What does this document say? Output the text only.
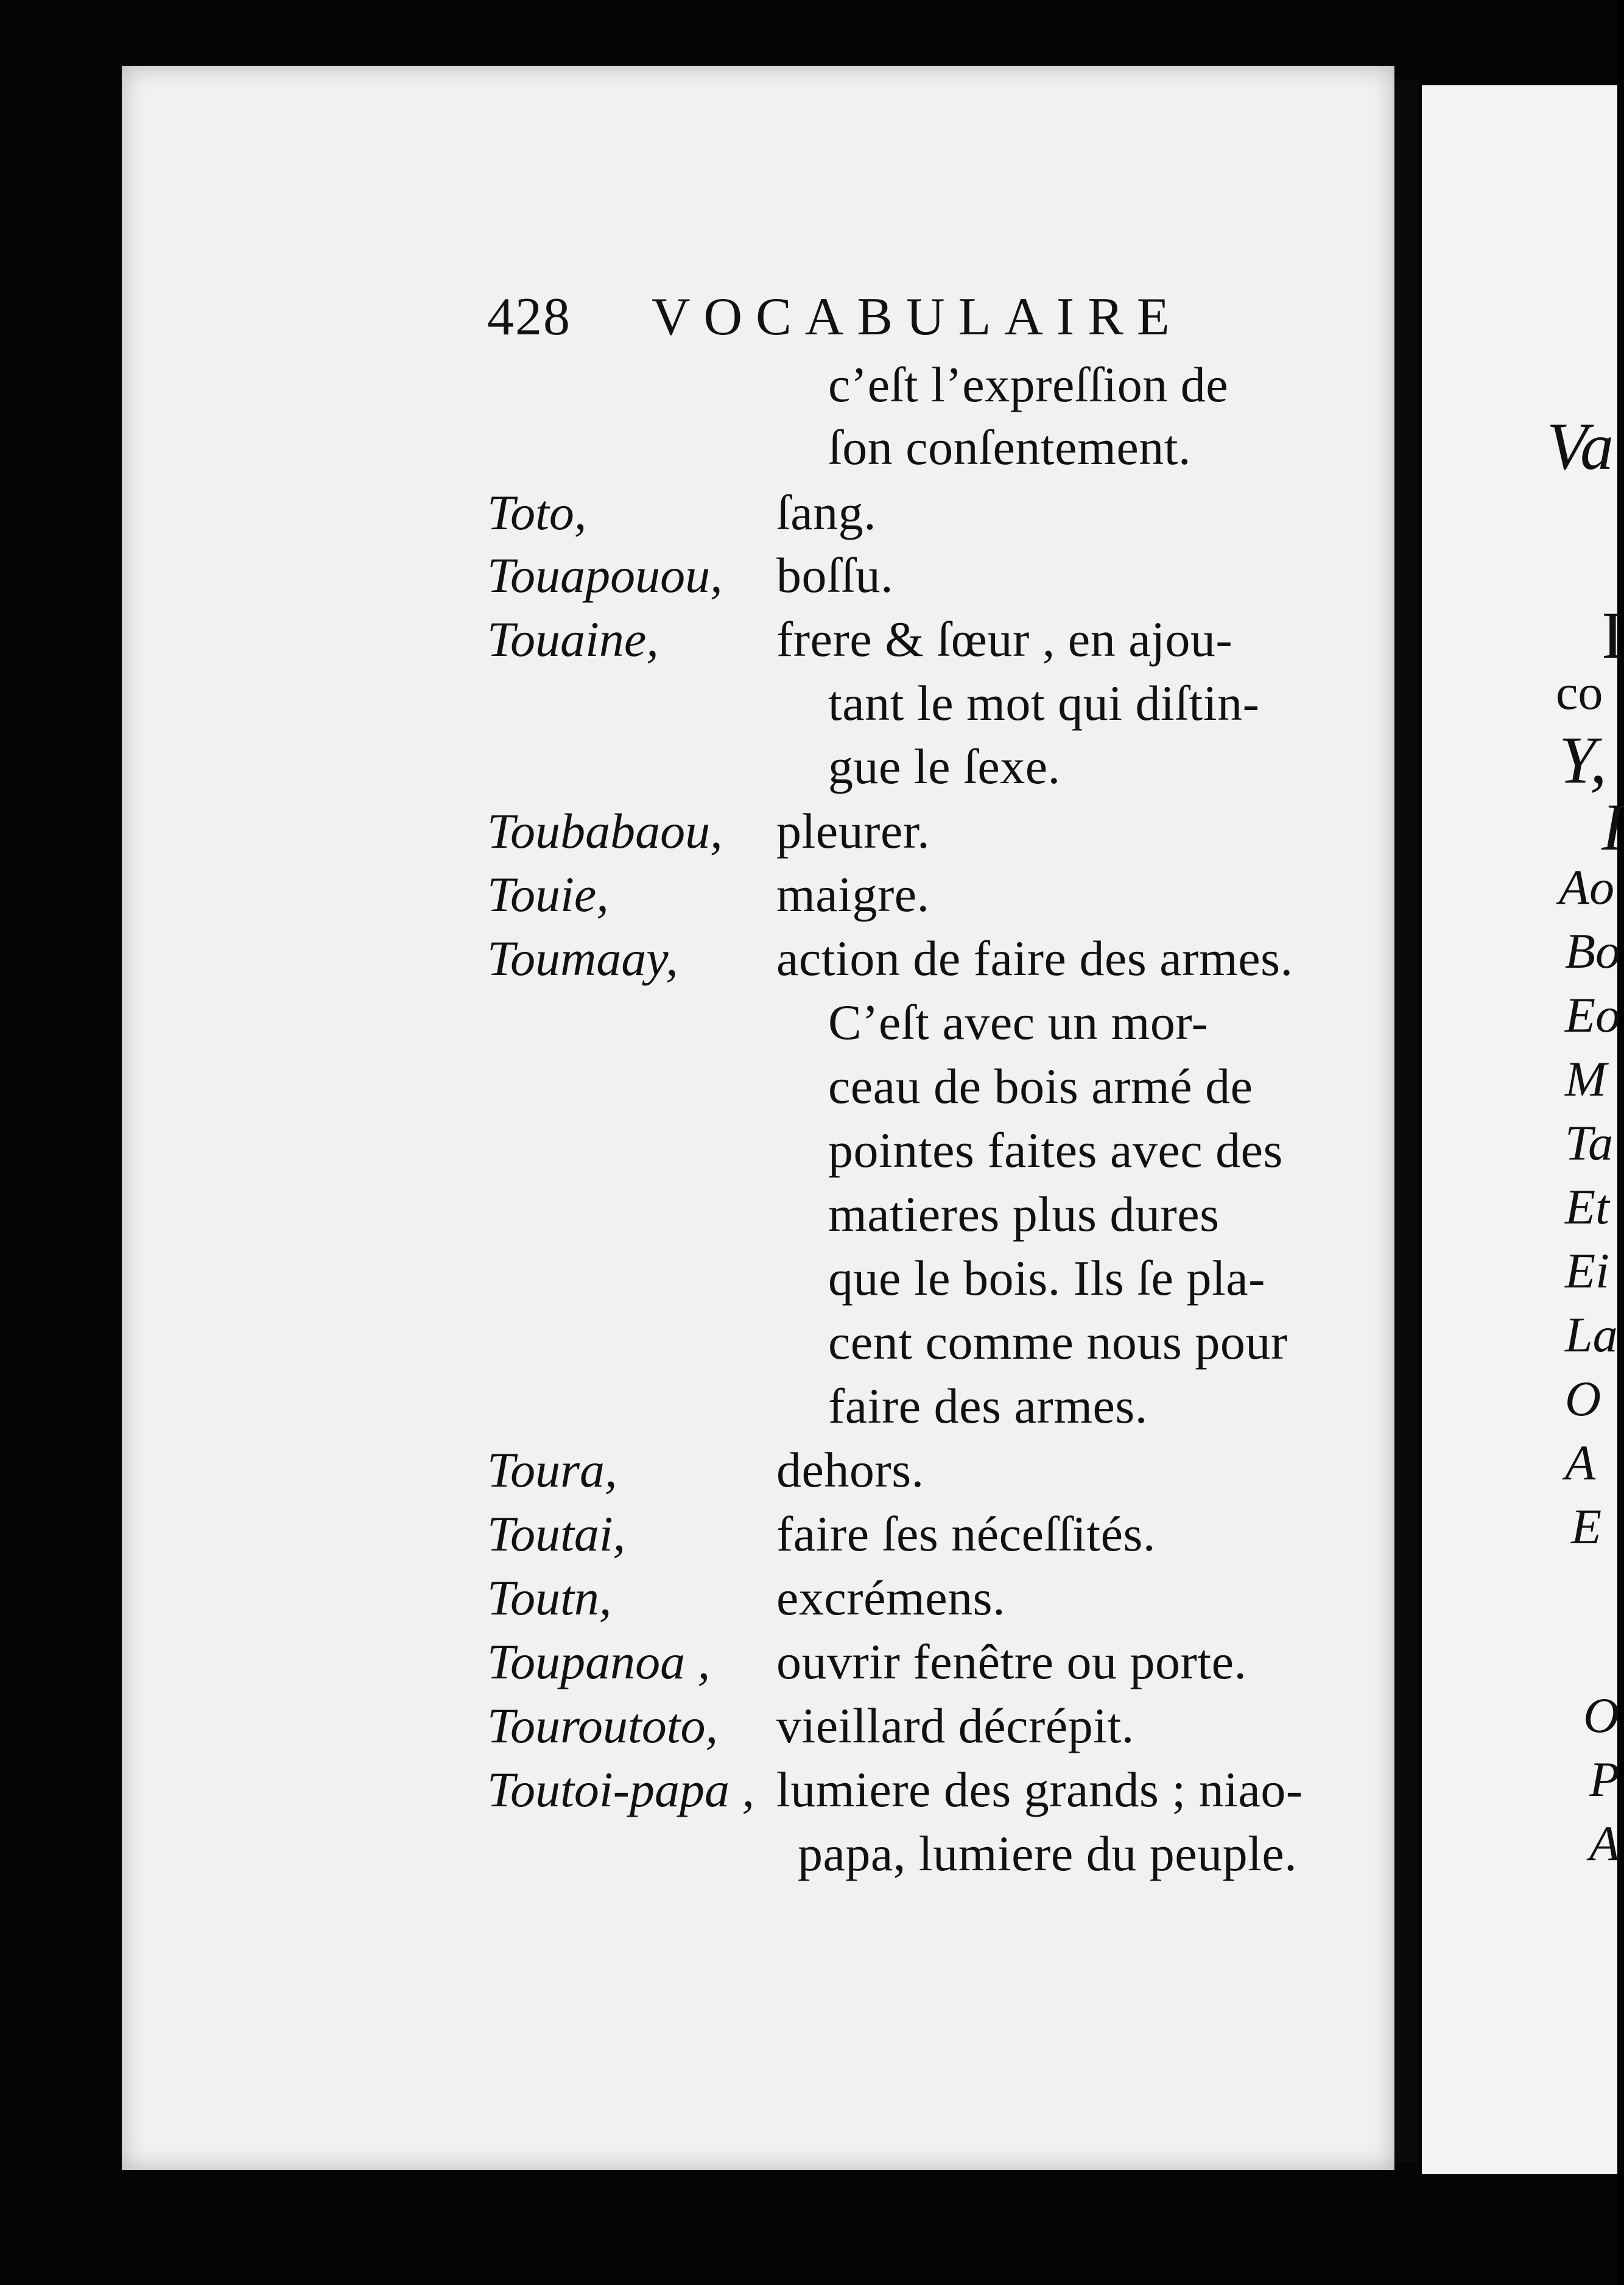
428 VOCABULAIRE
c’eſt l’expreſſion de
ſon conſentement.
Toto,	ſang.
Touapouou, boſſu.
Touaine, frere & ſœur , en ajou-
tant le mot qui diſtin-
gue le ſexe.
Toubabaou, pleurer.
Touie,	maigre.
Toumaay, action de faire des armes.
C’eſt avec un mor-
ceau de bois armé de
pointes faites avec des
matieres plus dures
que le bois. Ils ſe pla-
cent comme nous pour
faire des armes.
Toura,	dehors.
Toutai,	faire ſes néceſſités.
Toutn,	excrémens.
Toupanoa , ouvrir fenêtre ou porte.
Touroutoto, vieillard décrépit.
Toutoi-papa , lumiere des grands ; niao-
papa, lumiere du peuple.
Va
I
co
Y,
I
Ao
Bo
Eo
M
Ta
Et
Ei
La
O
A
E
O
P
A
